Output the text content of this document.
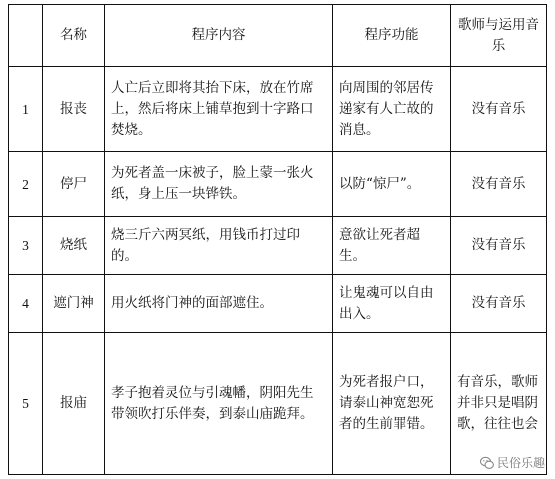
	名称	程序内容	程序功能	歌师与运用音乐
1	报丧	人亡后立即将其抬下床，放在竹席上，然后将床上铺草抱到十字路口焚烧。	向周围的邻居传递家有人亡故的消息。	没有音乐
2	停尸	为死者盖一床被子，脸上蒙一张火纸，身上压一块铧铁。	以防“惊尸”。	没有音乐
3	烧纸	烧三斤六两冥纸，用钱币打过印的。	意欲让死者超生。	没有音乐
4	遮门神	用火纸将门神的面部遮住。	让鬼魂可以自由出入。	没有音乐
5	报庙	孝子抱着灵位与引魂幡，阴阳先生带领吹打乐伴奏，到泰山庙跪拜。	为死者报户口，请泰山神宽恕死者的生前罪错。	有音乐，歌师并非只是唱阴歌，往往也会
民俗乐趣
